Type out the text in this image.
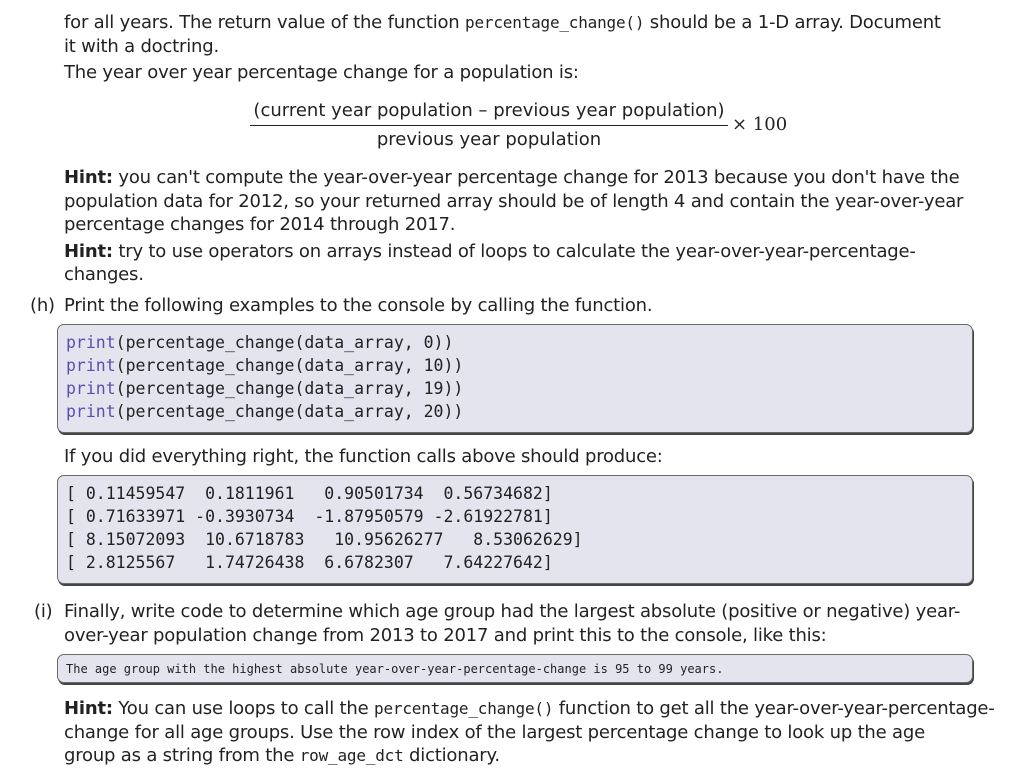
for all years. The return value of the function percentage_change() should be a 1-D array. Document
it with a doctring.
The year over year percentage change for a population is:
(current year population – previous year population)
previous year population
× 100
Hint: you can't compute the year-over-year percentage change for 2013 because you don't have the
population data for 2012, so your returned array should be of length 4 and contain the year-over-year
percentage changes for 2014 through 2017.
Hint: try to use operators on arrays instead of loops to calculate the year-over-year-percentage-
changes.
(h) Print the following examples to the console by calling the function.
print(percentage_change(data_array, 0))
print(percentage_change(data_array, 10))
print(percentage_change(data_array, 19))
print(percentage_change(data_array, 20))
If you did everything right, the function calls above should produce:
[ 0.11459547  0.1811961   0.90501734  0.56734682]
[ 0.71633971 -0.3930734  -1.87950579 -2.61922781]
[ 8.15072093  10.6718783   10.95626277   8.53062629]
[ 2.8125567   1.74726438  6.6782307   7.64227642]
(i) Finally, write code to determine which age group had the largest absolute (positive or negative) year-
over-year population change from 2013 to 2017 and print this to the console, like this:
The age group with the highest absolute year-over-year-percentage-change is 95 to 99 years.
Hint: You can use loops to call the percentage_change() function to get all the year-over-year-percentage-
change for all age groups. Use the row index of the largest percentage change to look up the age
group as a string from the row_age_dct dictionary.
